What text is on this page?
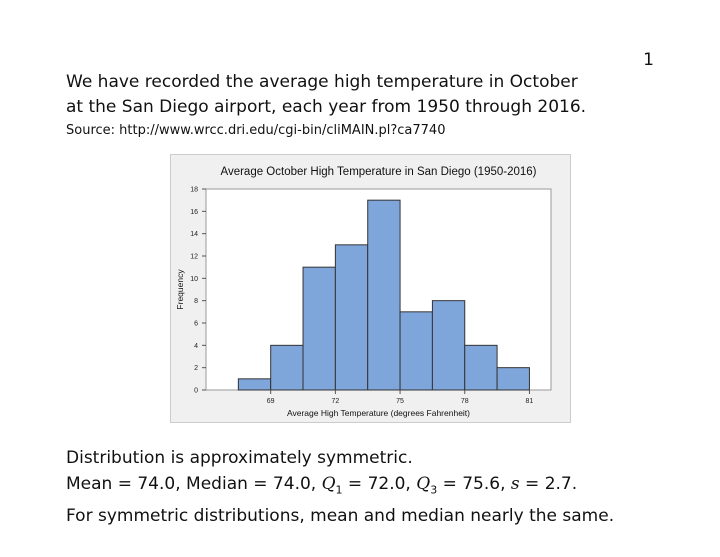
1
We have recorded the average high temperature in October
at the San Diego airport, each year from 1950 through 2016.
Source: http://www.wrcc.dri.edu/cgi-bin/cliMAIN.pl?ca7740
0
2
4
6
8
10
12
14
16
18
69	72	75	78	81
Average October High Temperature in San Diego (1950-2016)
Average High Temperature (degrees Fahrenheit)
Frequency
Distribution is approximately symmetric.
Mean = 74.0, Median = 74.0, $Q_1 = 72.0$, $Q_3 = 75.6$, s = 2.7.
For symmetric distributions, mean and median nearly the same.
